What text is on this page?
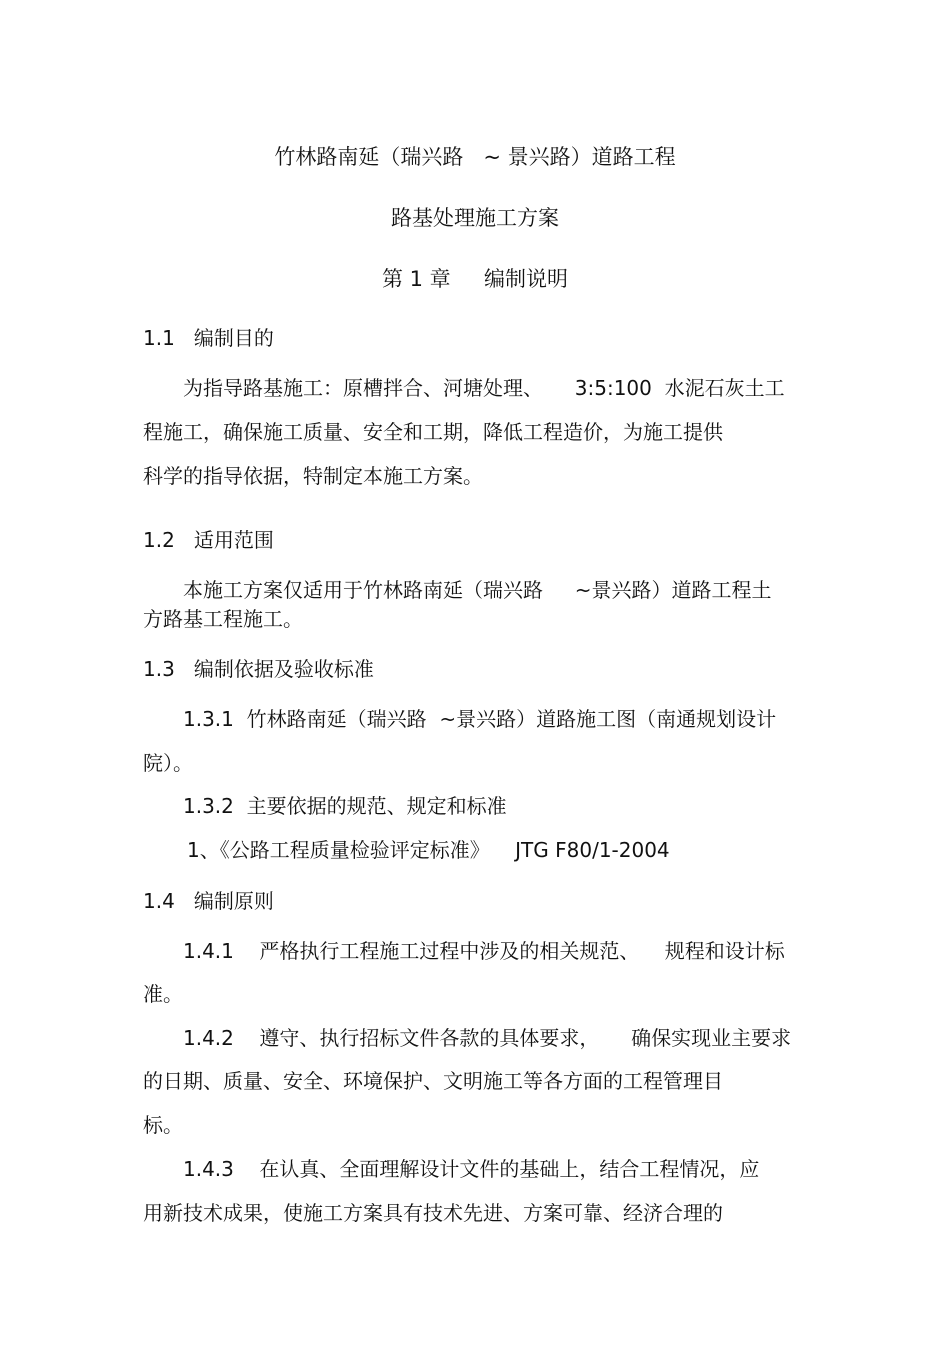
竹林路南延（瑞兴路   ~ 景兴路）道路工程
路基处理施工方案
第 1 章     编制说明
1.1   编制目的
为指导路基施工：原槽拌合、河塘处理、     3:5:100  水泥石灰土工
程施工，确保施工质量、安全和工期，降低工程造价，为施工提供
科学的指导依据，特制定本施工方案。
1.2   适用范围
本施工方案仅适用于竹林路南延（瑞兴路     ~景兴路）道路工程土
方路基工程施工。
1.3   编制依据及验收标准
1.3.1  竹林路南延（瑞兴路  ~景兴路）道路施工图（南通规划设计
院）。
1.3.2  主要依据的规范、规定和标准
1、《公路工程质量检验评定标准》    JTG F80/1-2004
1.4   编制原则
1.4.1    严格执行工程施工过程中涉及的相关规范、    规程和设计标
准。
1.4.2    遵守、执行招标文件各款的具体要求，     确保实现业主要求
的日期、质量、安全、环境保护、文明施工等各方面的工程管理目
标。
1.4.3    在认真、全面理解设计文件的基础上，结合工程情况，应
用新技术成果，使施工方案具有技术先进、方案可靠、经济合理的
